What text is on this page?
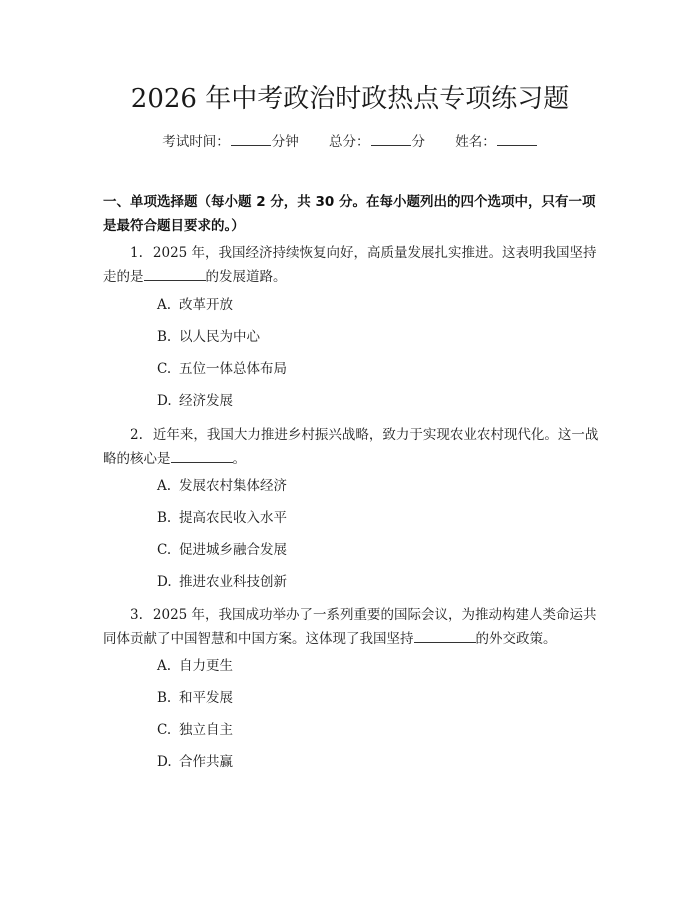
2026 年中考政治时政热点专项练习题
考试时间：	分钟 总分：	分 姓名：
一、单项选择题（每小题 2 分，共 30 分。在每小题列出的四个选项中，只有一项是最符合题目要求的。）
1. 2025 年，我国经济持续恢复向好，高质量发展扎实推进。这表明我国坚持走的是	的发展道路。
A. 改革开放
B. 以人民为中心
C. 五位一体总体布局
D. 经济发展
2. 近年来，我国大力推进乡村振兴战略，致力于实现农业农村现代化。这一战略的核心是	。
A. 发展农村集体经济
B. 提高农民收入水平
C. 促进城乡融合发展
D. 推进农业科技创新
3. 2025 年，我国成功举办了一系列重要的国际会议，为推动构建人类命运共同体贡献了中国智慧和中国方案。这体现了我国坚持	的外交政策。
A. 自力更生
B. 和平发展
C. 独立自主
D. 合作共赢
